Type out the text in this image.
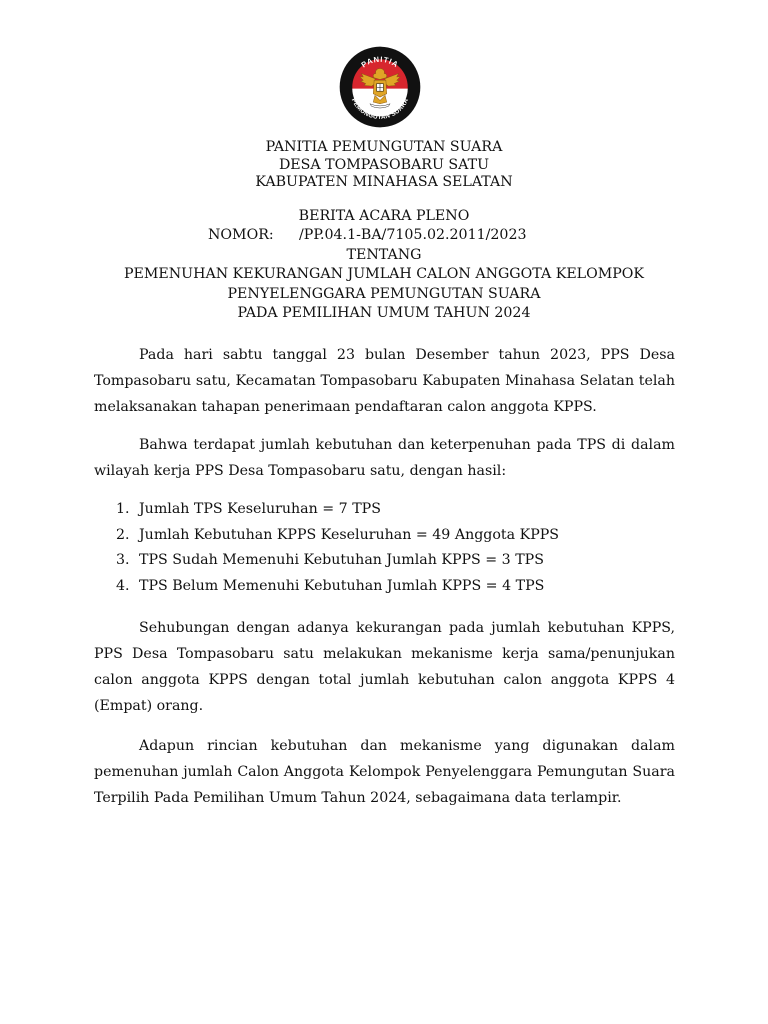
PANITIA
PEMUNGUTAN SUARA
PANITIA PEMUNGUTAN SUARA
DESA TOMPASOBARU SATU
KABUPATEN MINAHASA SELATAN
BERITA ACARA PLENO
NOMOR: /PP.04.1-BA/7105.02.2011/2023
TENTANG
PEMENUHAN KEKURANGAN JUMLAH CALON ANGGOTA KELOMPOK
PENYELENGGARA PEMUNGUTAN SUARA
PADA PEMILIHAN UMUM TAHUN 2024

Pada hari sabtu tanggal 23 bulan Desember tahun 2023, PPS Desa Tompasobaru satu, Kecamatan Tompasobaru Kabupaten Minahasa Selatan telah melaksanakan tahapan penerimaan pendaftaran calon anggota KPPS.

Bahwa terdapat jumlah kebutuhan dan keterpenuhan pada TPS di dalam wilayah kerja PPS Desa Tompasobaru satu, dengan hasil:

1. Jumlah TPS Keseluruhan = 7 TPS
2. Jumlah Kebutuhan KPPS Keseluruhan = 49 Anggota KPPS
3. TPS Sudah Memenuhi Kebutuhan Jumlah KPPS = 3 TPS
4. TPS Belum Memenuhi Kebutuhan Jumlah KPPS = 4 TPS

Sehubungan dengan adanya kekurangan pada jumlah kebutuhan KPPS, PPS Desa Tompasobaru satu melakukan mekanisme kerja sama/penunjukan calon anggota KPPS dengan total jumlah kebutuhan calon anggota KPPS 4 (Empat) orang.

Adapun rincian kebutuhan dan mekanisme yang digunakan dalam pemenuhan jumlah Calon Anggota Kelompok Penyelenggara Pemungutan Suara Terpilih Pada Pemilihan Umum Tahun 2024, sebagaimana data terlampir.
